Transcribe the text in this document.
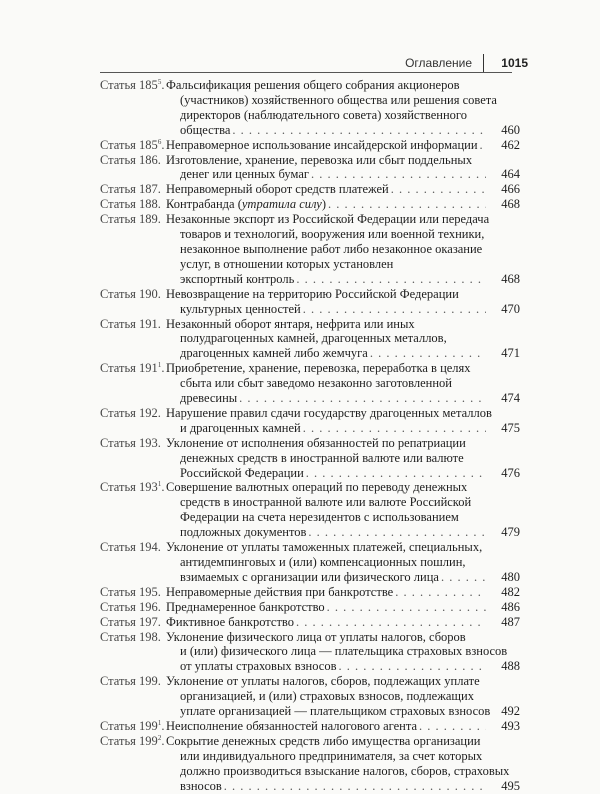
Оглавление 1015
Статья $185^5$. Фальсификация решения общего собрания акционеров
(участников) хозяйственного общества или решения совета
директоров (наблюдательного совета) хозяйственного
общества . . .	460
Статья $185^6$. Неправомерное использование инсайдерской информации . . .	462
Статья 186. Изготовление, хранение, перевозка или сбыт поддельных
денег или ценных бумаг . . .	464
Статья 187. Неправомерный оборот средств платежей . . .	466
Статья 188. Контрабанда (утратила силу) . . .	468
Статья 189. Незаконные экспорт из Российской Федерации или передача
товаров и технологий, вооружения или военной техники,
незаконное выполнение работ либо незаконное оказание
услуг, в отношении которых установлен
экспортный контроль . . .	468
Статья 190. Невозвращение на территорию Российской Федерации
культурных ценностей . . .	470
Статья 191. Незаконный оборот янтаря, нефрита или иных
полудрагоценных камней, драгоценных металлов,
драгоценных камней либо жемчуга . . .	471
Статья $191^1$. Приобретение, хранение, перевозка, переработка в целях
сбыта или сбыт заведомо незаконно заготовленной
древесины . . .	474
Статья 192. Нарушение правил сдачи государству драгоценных металлов
и драгоценных камней . . .	475
Статья 193. Уклонение от исполнения обязанностей по репатриации
денежных средств в иностранной валюте или валюте
Российской Федерации . . .	476
Статья $193^1$. Совершение валютных операций по переводу денежных
средств в иностранной валюте или валюте Российской
Федерации на счета нерезидентов с использованием
подложных документов . . .	479
Статья 194. Уклонение от уплаты таможенных платежей, специальных,
антидемпинговых и (или) компенсационных пошлин,
взимаемых с организации или физического лица . . .	480
Статья 195. Неправомерные действия при банкротстве . . .	482
Статья 196. Преднамеренное банкротство . . .	486
Статья 197. Фиктивное банкротство . . .	487
Статья 198. Уклонение физического лица от уплаты налогов, сборов
и (или) физического лица — плательщика страховых взносов
от уплаты страховых взносов . . .	488
Статья 199. Уклонение от уплаты налогов, сборов, подлежащих уплате
организацией, и (или) страховых взносов, подлежащих
уплате организацией — плательщиком страховых взносов 492
Статья $199^1$. Неисполнение обязанностей налогового агента . . .	493
Статья $199^2$. Сокрытие денежных средств либо имущества организации
или индивидуального предпринимателя, за счет которых
должно производиться взыскание налогов, сборов, страховых
взносов . . .	495
